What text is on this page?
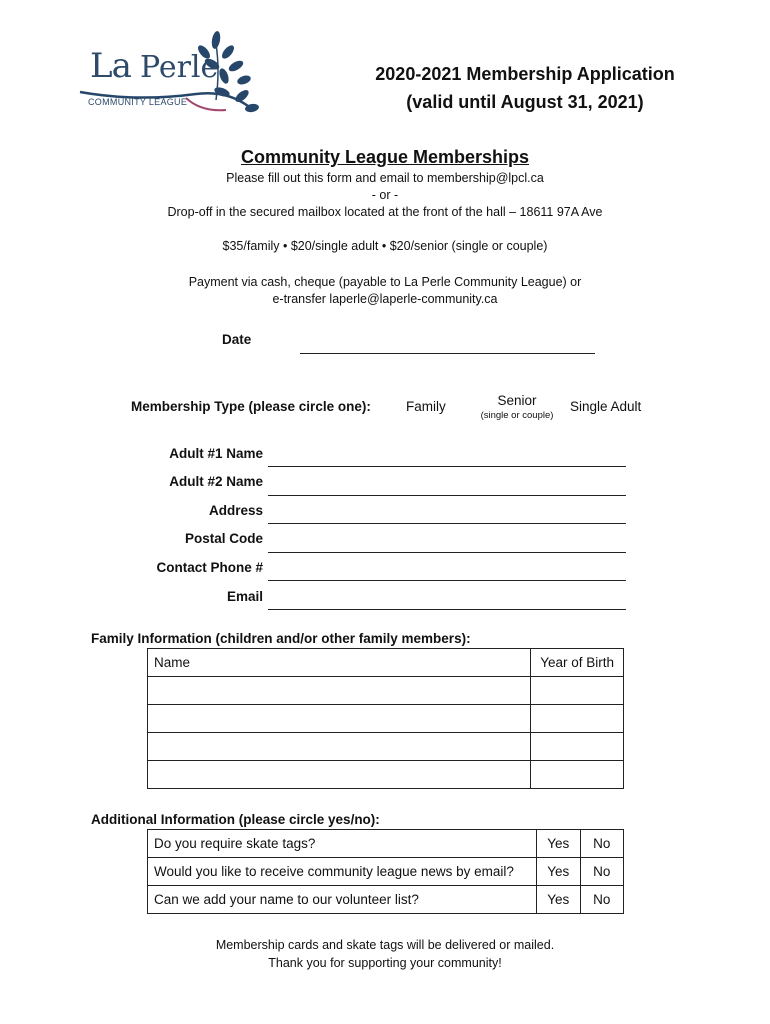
La Perle
COMMUNITY LEAGUE
2020-2021 Membership Application
(valid until August 31, 2021)
Community League Memberships
Please fill out this form and email to membership@lpcl.ca
- or -
Drop-off in the secured mailbox located at the front of the hall – 18611 97A Ave
$35/family • $20/single adult • $20/senior (single or couple)
Payment via cash, cheque (payable to La Perle Community League) or
e-transfer laperle@laperle-community.ca
Date
Membership Type (please circle one):	Family	Senior
(single or couple)
Single Adult
Adult #1 Name
Adult #2 Name
Address
Postal Code
Contact Phone #
Email
Family Information (children and/or other family members):
Name	Year of Birth

Additional Information (please circle yes/no):
Do you require skate tags?	Yes	No
Would you like to receive community league news by email?	Yes	No
Can we add your name to our volunteer list?	Yes	No
Membership cards and skate tags will be delivered or mailed.
Thank you for supporting your community!
